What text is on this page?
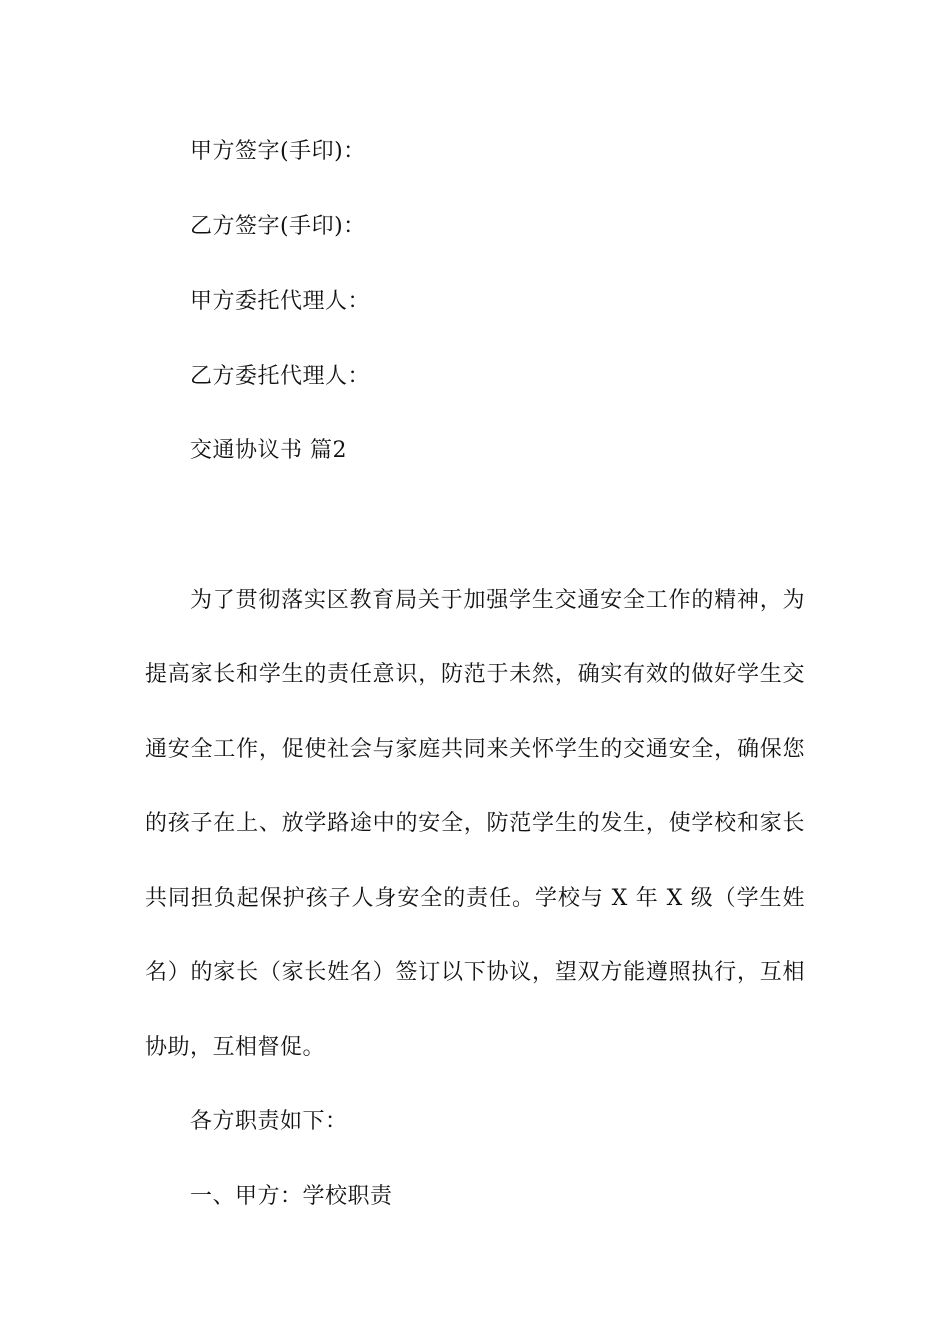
甲方签字(手印)：
乙方签字(手印)：
甲方委托代理人：
乙方委托代理人：
交通协议书 篇2
为了贯彻落实区教育局关于加强学生交通安全工作的精神，为
提高家长和学生的责任意识，防范于未然，确实有效的做好学生交
通安全工作，促使社会与家庭共同来关怀学生的交通安全，确保您
的孩子在上、放学路途中的安全，防范学生的发生，使学校和家长
共同担负起保护孩子人身安全的责任。学校与 X 年 X 级（学生姓
名）的家长（家长姓名）签订以下协议，望双方能遵照执行，互相
协助，互相督促。
各方职责如下：
一、甲方：学校职责
